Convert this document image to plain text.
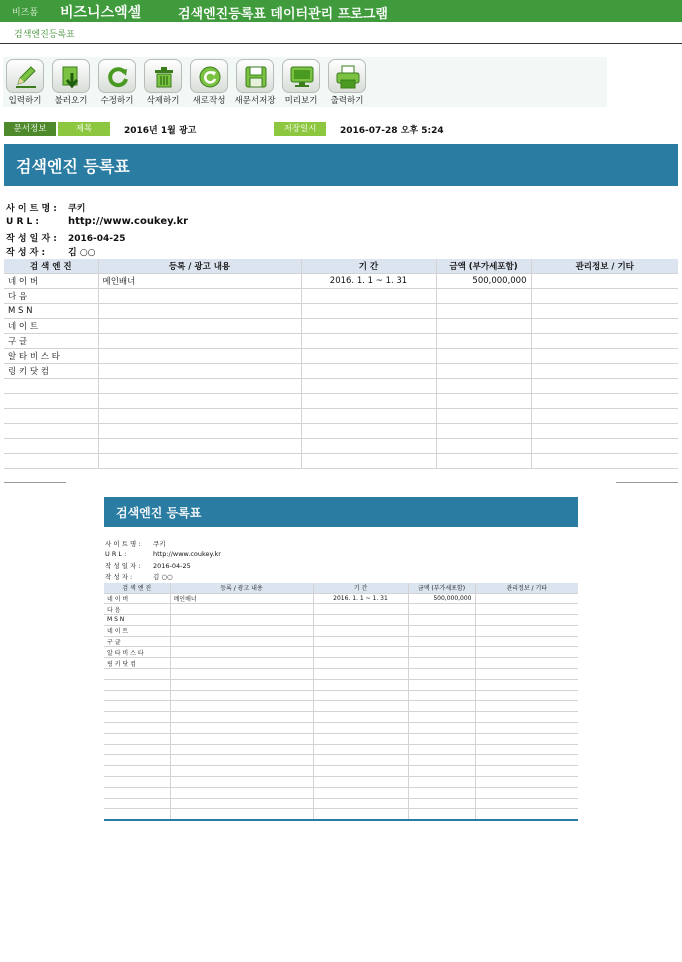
비즈폼 비즈니스엑셀	검색엔진등록표 데이터관리 프로그램
검색엔진등록표
입력하기	불러오기	수정하기	삭제하기	새로작성	새문서저장	미리보기	출력하기
문서정보	제목	2016년 1월 광고	저장일시	2016-07-28 오후 5:24
검색엔진 등록표
사 이 트 명 : 쿠키
U R L :	http://www.coukey.kr
작 성 일 자 : 2016-04-25
작 성 자 :	김 ○○
검 색 엔 진	등록 / 광고 내용	기 간	금액 (부가세포함)	관리정보 / 기타
네 이 버	메인배너	2016. 1. 1 ~ 1. 31	500,000,000	
다 음				
M S N				
네 이 트				
구 글				
알 타 비 스 타				
링 키 닷 컴				

검색엔진 등록표
사 이 트 명 : 쿠키
U R L :	http://www.coukey.kr
작 성 일 자 : 2016-04-25
작 성 자 :	김 ○○
검 색 엔 진	등록 / 광고 내용	기 간	금액 (부가세포함)	관리정보 / 기타
네 이 버	메인배너	2016. 1. 1 ~ 1. 31	500,000,000	
다 음				
M S N				
네 이 트				
구 글				
알 타 비 스 타				
링 키 닷 컴				
